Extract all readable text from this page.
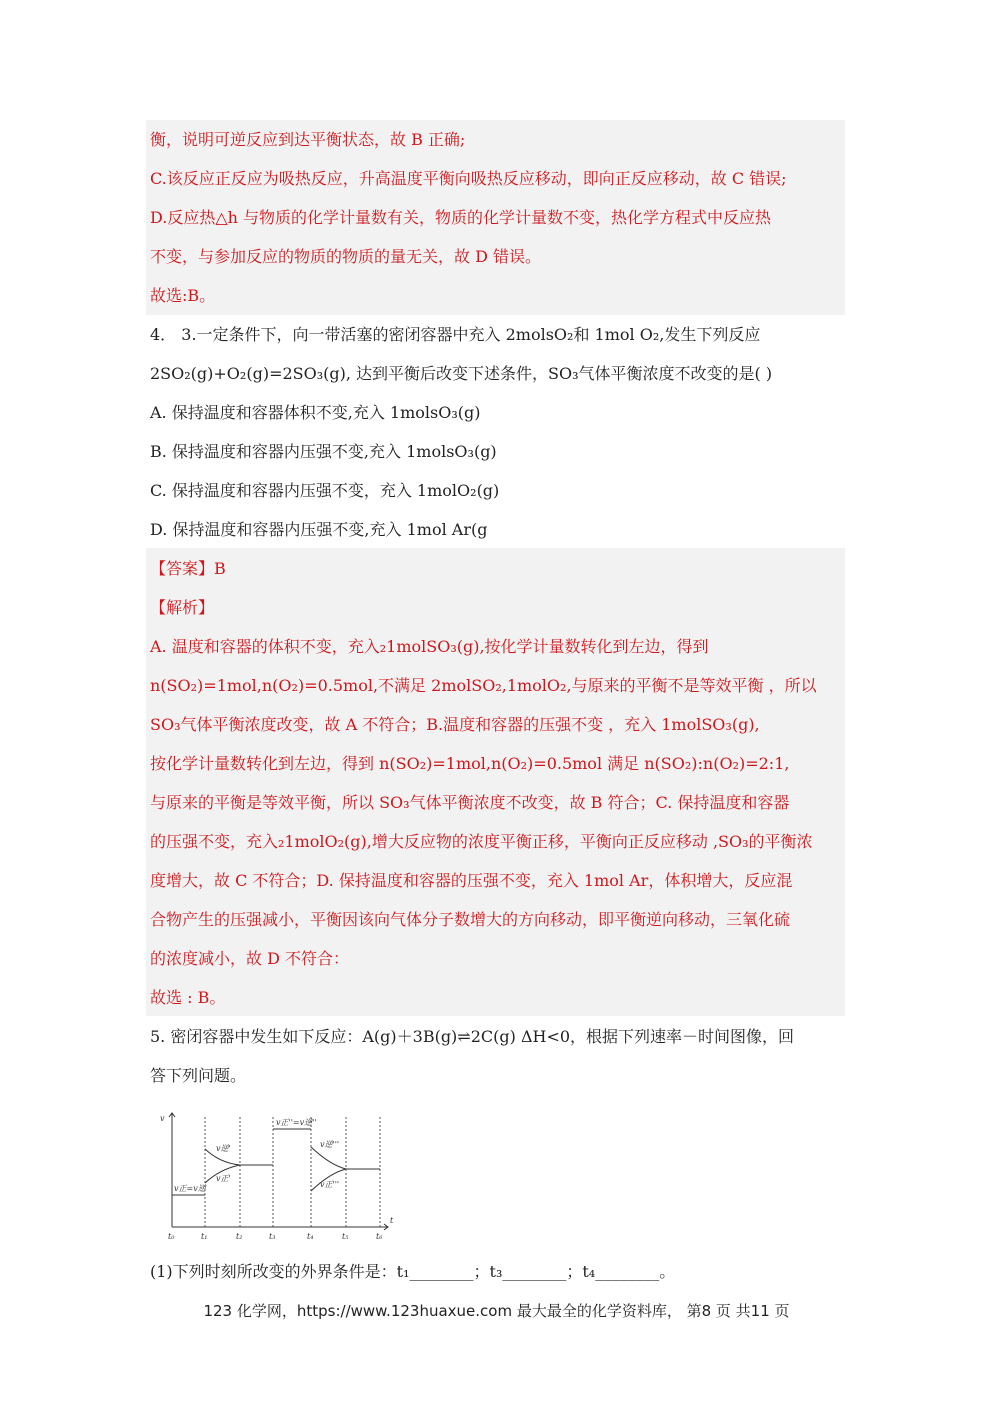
衡，说明可逆反应到达平衡状态，故 B 正确;
C.该反应正反应为吸热反应，升高温度平衡向吸热反应移动，即向正反应移动，故 C 错误;
D.反应热△h 与物质的化学计量数有关，物质的化学计量数不变，热化学方程式中反应热
不变，与参加反应的物质的物质的量无关，故 D 错误。
故选:B。
4． 3.一定条件下，向一带活塞的密闭容器中充入 2molsO₂和 1mol O₂,发生下列反应
2SO₂(g)+O₂(g)=2SO₃(g), 达到平衡后改变下述条件，SO₃气体平衡浓度不改变的是( )
A. 保持温度和容器体积不变,充入 1molsO₃(g)
B. 保持温度和容器内压强不变,充入 1molsO₃(g)
C. 保持温度和容器内压强不变，充入 1molO₂(g)
D. 保持温度和容器内压强不变,充入 1mol Ar(g
【答案】B
【解析】
A. 温度和容器的体积不变，充入₂1molSO₃(g),按化学计量数转化到左边，得到
n(SO₂)=1mol,n(O₂)=0.5mol,不满足 2molSO₂,1molO₂,与原来的平衡不是等效平衡 ，所以
SO₃气体平衡浓度改变，故 A 不符合；B.温度和容器的压强不变 ，充入 1molSO₃(g),
按化学计量数转化到左边，得到 n(SO₂)=1mol,n(O₂)=0.5mol 满足 n(SO₂):n(O₂)=2:1,
与原来的平衡是等效平衡，所以 SO₃气体平衡浓度不改变，故 B 符合；C. 保持温度和容器
的压强不变，充入₂1molO₂(g),增大反应物的浓度平衡正移，平衡向正反应移动 ,SO₃的平衡浓
度增大，故 C 不符合；D. 保持温度和容器的压强不变，充入 1mol Ar，体积增大，反应混
合物产生的压强减小，平衡因该向气体分子数增大的方向移动，即平衡逆向移动，三氧化硫
的浓度减小，故 D 不符合：
故选 : B。
5. 密闭容器中发生如下反应：A(g)＋3B(g)⇌2C(g) ΔH<0，根据下列速率－时间图像，回
答下列问题。
v
t
v正=v逆
v逆'
v正'
v正''=v逆''
v逆'''
v正'''
t₀	t₁	t₂	t₃	t₄	t₅	t₆
(1)下列时刻所改变的外界条件是：t₁________；t₃________；t₄________。
123 化学网，https://www.123huaxue.com 最大最全的化学资料库， 第8 页 共11 页
